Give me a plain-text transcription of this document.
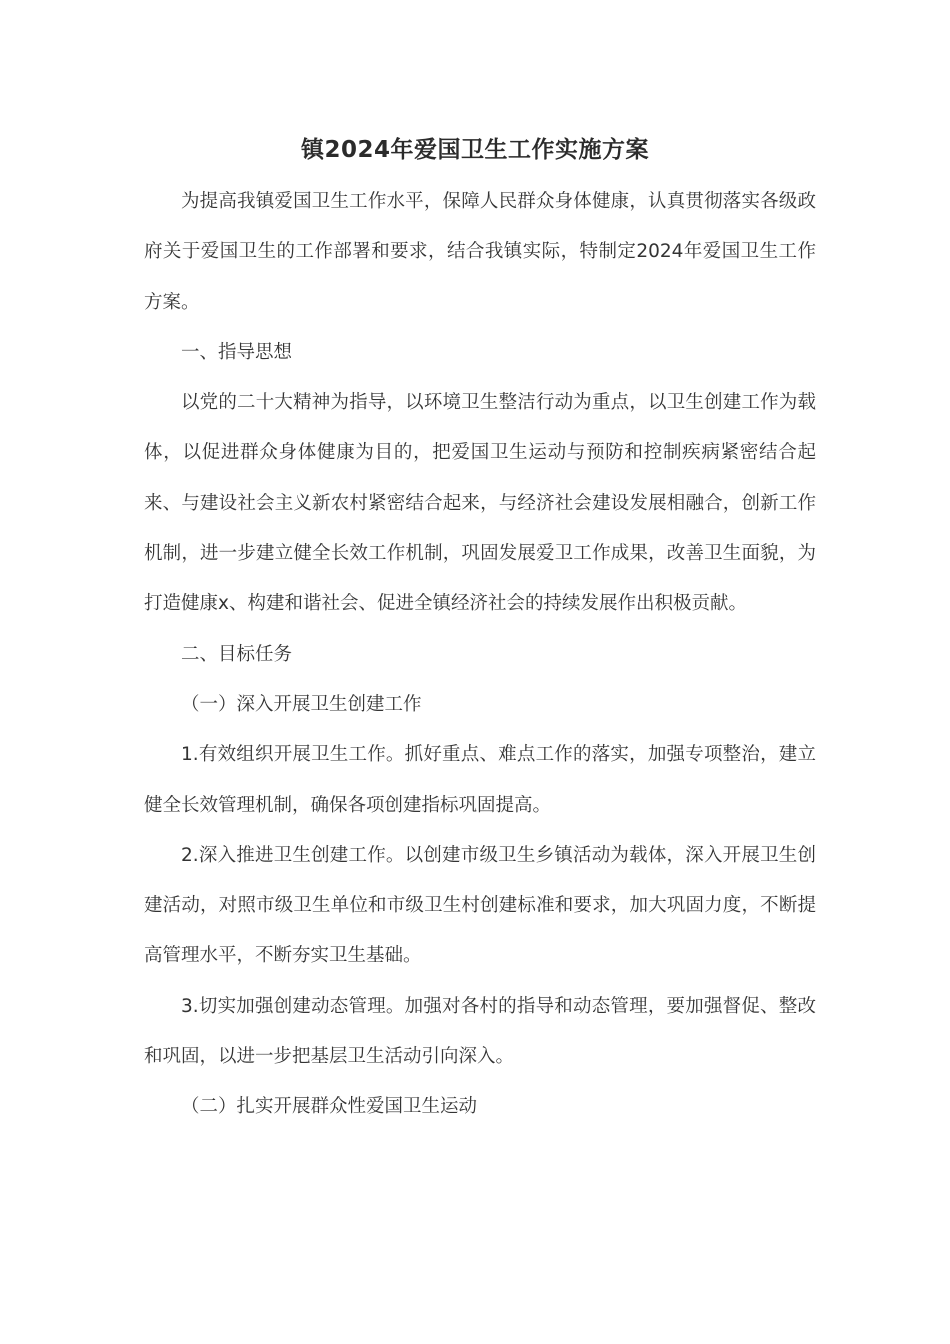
镇2024年爱国卫生工作实施方案

为提高我镇爱国卫生工作水平，保障人民群众身体健康，认真贯彻落实各级政府关于爱国卫生的工作部署和要求，结合我镇实际，特制定2024年爱国卫生工作方案。

一、指导思想

以党的二十大精神为指导，以环境卫生整洁行动为重点，以卫生创建工作为载体，以促进群众身体健康为目的，把爱国卫生运动与预防和控制疾病紧密结合起来、与建设社会主义新农村紧密结合起来，与经济社会建设发展相融合，创新工作机制，进一步建立健全长效工作机制，巩固发展爱卫工作成果，改善卫生面貌，为打造健康x、构建和谐社会、促进全镇经济社会的持续发展作出积极贡献。

二、目标任务

（一）深入开展卫生创建工作

1.有效组织开展卫生工作。抓好重点、难点工作的落实，加强专项整治，建立健全长效管理机制，确保各项创建指标巩固提高。

2.深入推进卫生创建工作。以创建市级卫生乡镇活动为载体，深入开展卫生创建活动，对照市级卫生单位和市级卫生村创建标准和要求，加大巩固力度，不断提高管理水平，不断夯实卫生基础。

3.切实加强创建动态管理。加强对各村的指导和动态管理，要加强督促、整改和巩固，以进一步把基层卫生活动引向深入。

（二）扎实开展群众性爱国卫生运动
